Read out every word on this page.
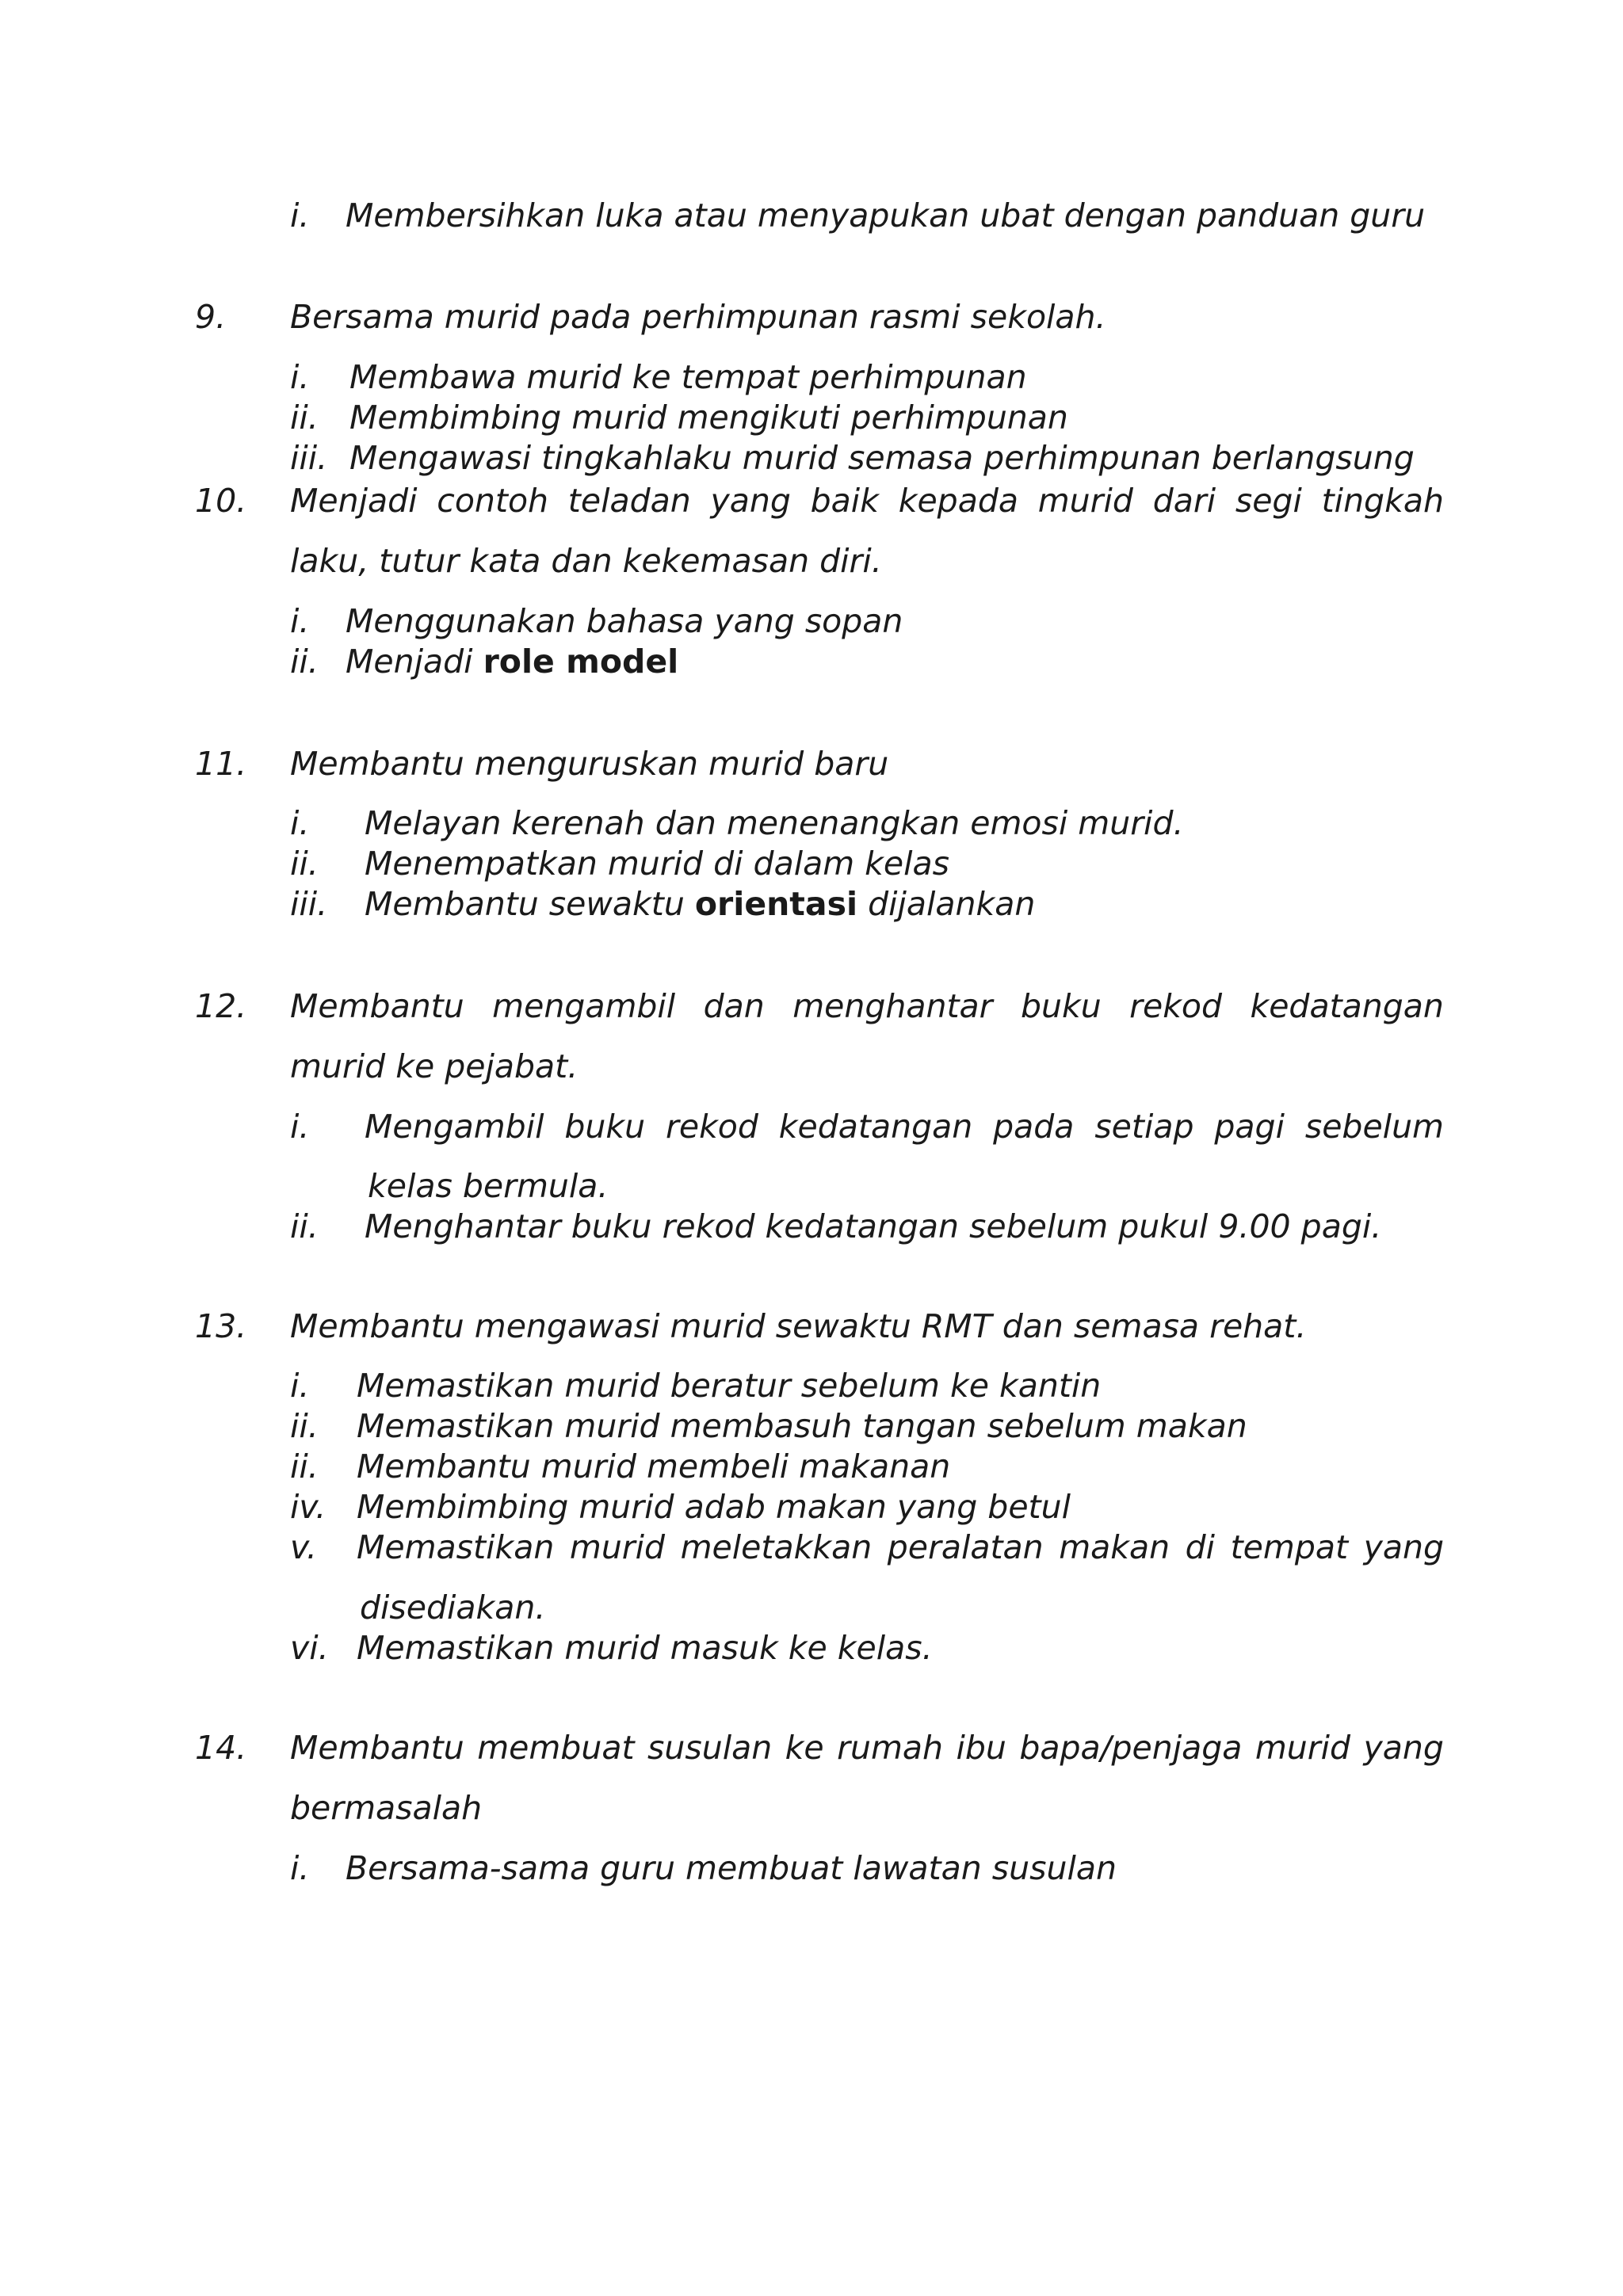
i. Membersihkan luka atau menyapukan ubat dengan panduan guru
9. Bersama murid pada perhimpunan rasmi sekolah.
i. Membawa murid ke tempat perhimpunan
ii. Membimbing murid mengikuti perhimpunan
iii. Mengawasi tingkahlaku murid semasa perhimpunan berlangsung
10. Menjadi contoh teladan yang baik kepada murid dari segi tingkah
laku, tutur kata dan kekemasan diri.
i. Menggunakan bahasa yang sopan
ii. Menjadi role model
11. Membantu menguruskan murid baru
i. Melayan kerenah dan menenangkan emosi murid.
ii. Menempatkan murid di dalam kelas
iii. Membantu sewaktu orientasi dijalankan
12. Membantu mengambil dan menghantar buku rekod kedatangan
murid ke pejabat.
i. Mengambil buku rekod kedatangan pada setiap pagi sebelum
kelas bermula.
ii. Menghantar buku rekod kedatangan sebelum pukul 9.00 pagi.
13. Membantu mengawasi murid sewaktu RMT dan semasa rehat.
i. Memastikan murid beratur sebelum ke kantin
ii. Memastikan murid membasuh tangan sebelum makan
ii. Membantu murid membeli makanan
iv. Membimbing murid adab makan yang betul
v. Memastikan murid meletakkan peralatan makan di tempat yang
disediakan.
vi. Memastikan murid masuk ke kelas.
14. Membantu membuat susulan ke rumah ibu bapa/penjaga murid yang
bermasalah
i. Bersama-sama guru membuat lawatan susulan
